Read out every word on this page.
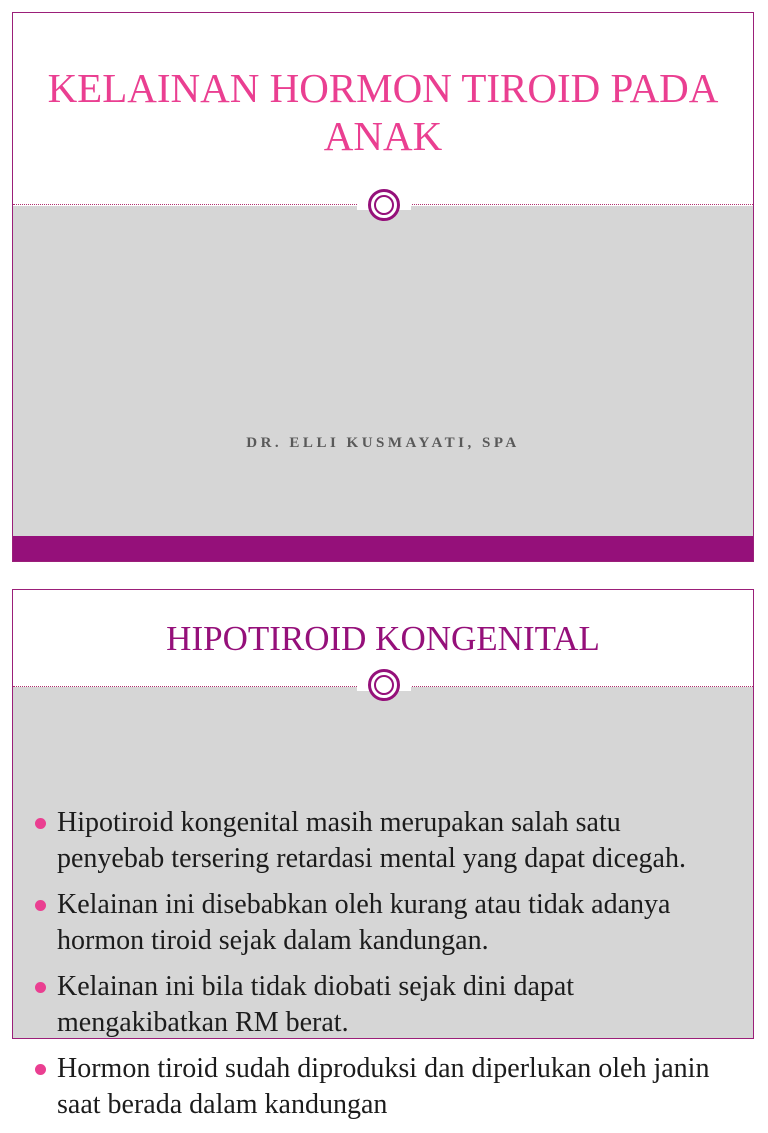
KELAINAN HORMON TIROID PADA ANAK
DR. ELLI KUSMAYATI, SPA
HIPOTIROID KONGENITAL
Hipotiroid kongenital masih merupakan salah satu penyebab tersering retardasi mental yang dapat dicegah.
Kelainan ini disebabkan oleh kurang atau tidak adanya hormon tiroid sejak dalam kandungan.
Kelainan ini bila tidak diobati sejak dini dapat mengakibatkan RM berat.
Hormon tiroid sudah diproduksi dan diperlukan oleh janin saat berada dalam kandungan
